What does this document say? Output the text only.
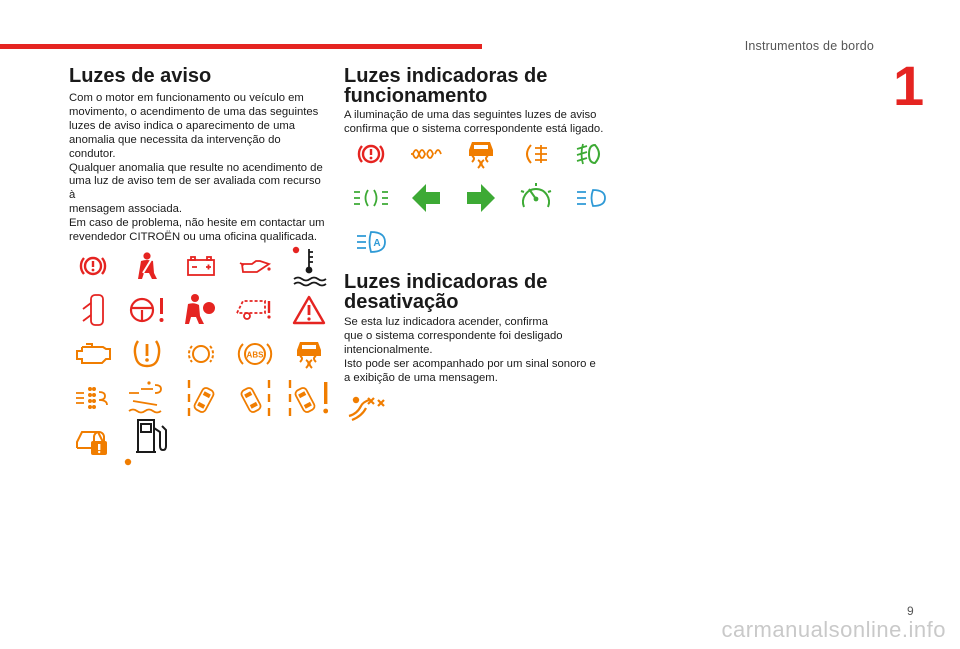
Instrumentos de bordo
1
Luzes de aviso

Com o motor em funcionamento ou veículo em
movimento, o acendimento de uma das seguintes
luzes de aviso indica o aparecimento de uma
anomalia que necessita da intervenção do condutor.
Qualquer anomalia que resulte no acendimento de
uma luz de aviso tem de ser avaliada com recurso à
mensagem associada.
Em caso de problema, não hesite em contactar um
revendedor CITROËN ou uma oficina qualificada.

ABS
Luzes indicadoras de
funcionamento

A iluminação de uma das seguintes luzes de aviso
confirma que o sistema correspondente está ligado.

A
Luzes indicadoras de
desativação

Se esta luz indicadora acender, confirma
que o sistema correspondente foi desligado
intencionalmente.
Isto pode ser acompanhado por um sinal sonoro e
a exibição de uma mensagem.

9
carmanualsonline.info
